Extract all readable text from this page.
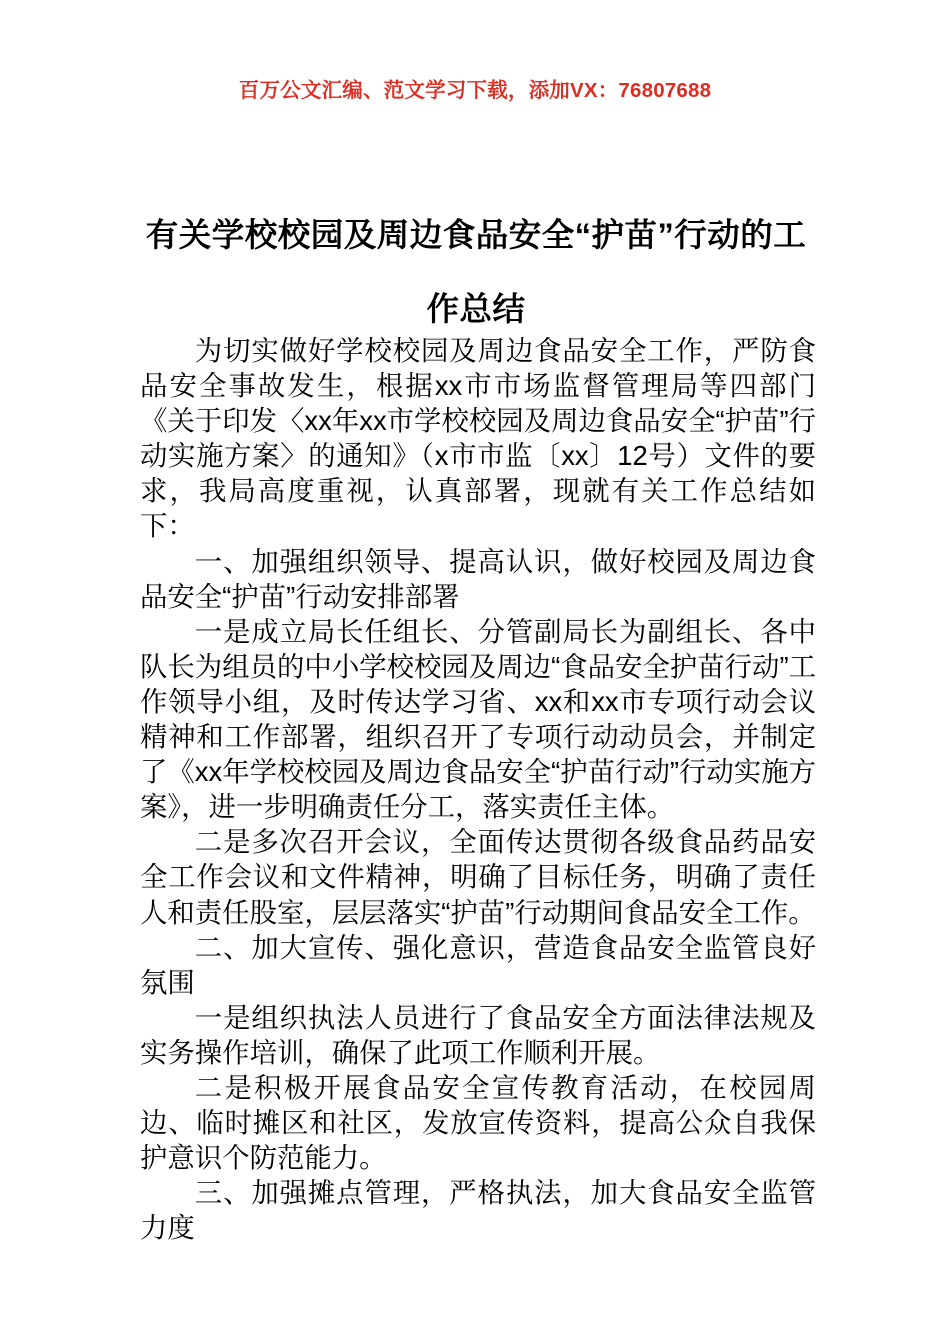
百万公文汇编、范文学习下载，添加VX：76807688
有关学校校园及周边食品安全“护苗”行动的工作总结

为切实做好学校校园及周边食品安全工作，严防食品安全事故发生，根据xx市市场监督管理局等四部门《关于印发〈xx年xx市学校校园及周边食品安全“护苗”行动实施方案〉的通知》（x市市监〔xx〕12号）文件的要求，我局高度重视，认真部署，现就有关工作总结如下：

一、加强组织领导、提高认识，做好校园及周边食品安全“护苗”行动安排部署

一是成立局长任组长、分管副局长为副组长、各中队长为组员的中小学校校园及周边“食品安全护苗行动”工作领导小组，及时传达学习省、xx和xx市专项行动会议精神和工作部署，组织召开了专项行动动员会，并制定了《xx年学校校园及周边食品安全“护苗行动”行动实施方案》，进一步明确责任分工，落实责任主体。

二是多次召开会议，全面传达贯彻各级食品药品安全工作会议和文件精神，明确了目标任务，明确了责任人和责任股室，层层落实“护苗”行动期间食品安全工作。

二、加大宣传、强化意识，营造食品安全监管良好氛围

一是组织执法人员进行了食品安全方面法律法规及实务操作培训，确保了此项工作顺利开展。

二是积极开展食品安全宣传教育活动，在校园周边、临时摊区和社区，发放宣传资料，提高公众自我保护意识个防范能力。

三、加强摊点管理，严格执法，加大食品安全监管力度
